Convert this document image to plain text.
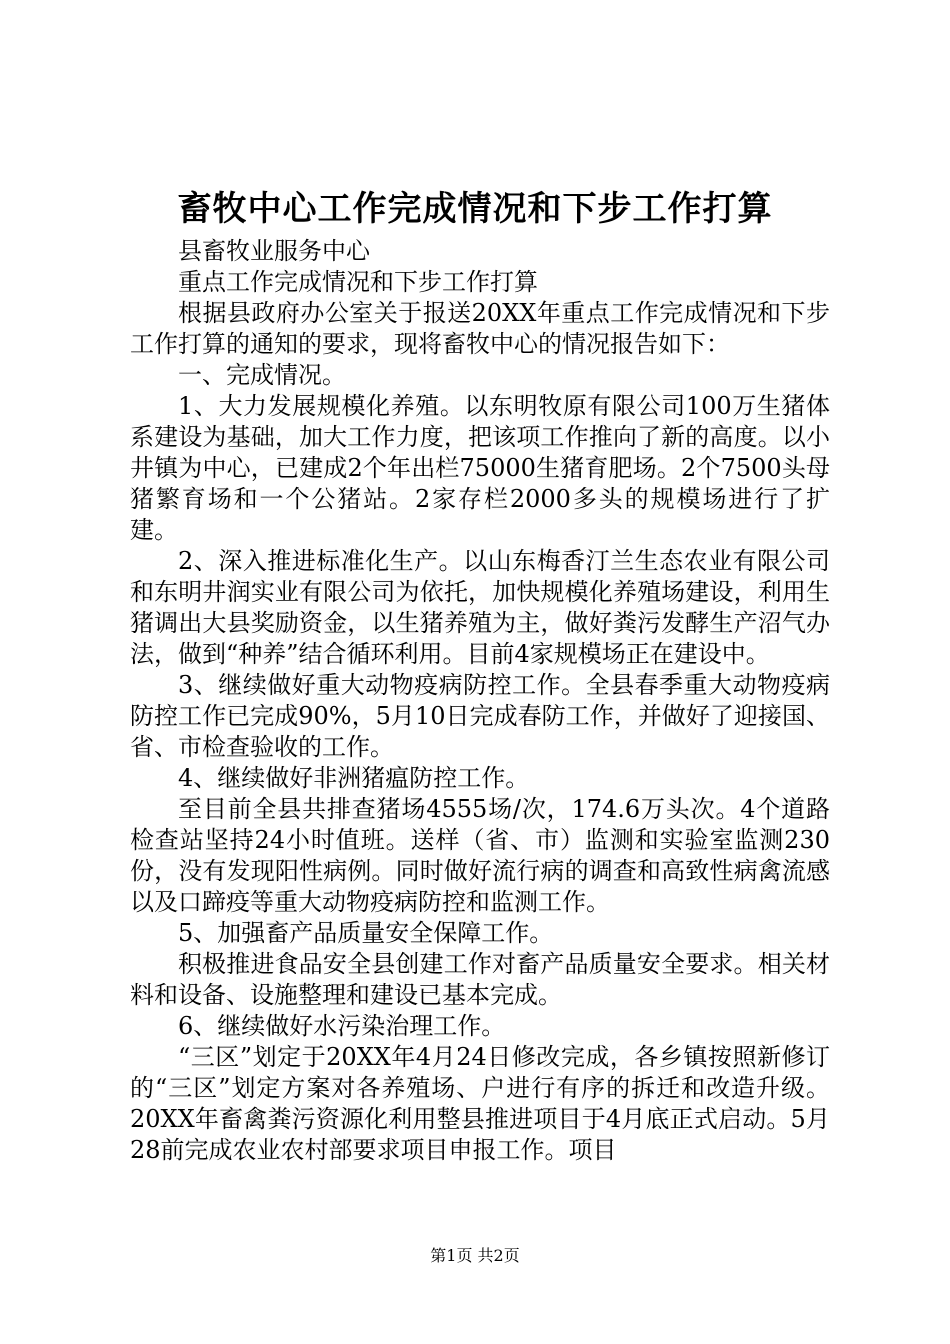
畜牧中心工作完成情况和下步工作打算

县畜牧业服务中心

重点工作完成情况和下步工作打算

根据县政府办公室关于报送20XX年重点工作完成情况和下步工作打算的通知的要求，现将畜牧中心的情况报告如下：

一、完成情况。

1、大力发展规模化养殖。以东明牧原有限公司100万生猪体系建设为基础，加大工作力度，把该项工作推向了新的高度。以小井镇为中心，已建成2个年出栏75000生猪育肥场。2个7500头母猪繁育场和一个公猪站。2家存栏2000多头的规模场进行了扩建。

2、深入推进标准化生产。以山东梅香汀兰生态农业有限公司和东明井润实业有限公司为依托，加快规模化养殖场建设，利用生猪调出大县奖励资金，以生猪养殖为主，做好粪污发酵生产沼气办法，做到“种养”结合循环利用。目前4家规模场正在建设中。

3、继续做好重大动物疫病防控工作。全县春季重大动物疫病防控工作已完成90%，5月10日完成春防工作，并做好了迎接国、省、市检查验收的工作。

4、继续做好非洲猪瘟防控工作。

至目前全县共排查猪场4555场/次，174.6万头次。4个道路检查站坚持24小时值班。送样（省、市）监测和实验室监测230份，没有发现阳性病例。同时做好流行病的调查和高致性病禽流感以及口蹄疫等重大动物疫病防控和监测工作。

5、加强畜产品质量安全保障工作。

积极推进食品安全县创建工作对畜产品质量安全要求。相关材料和设备、设施整理和建设已基本完成。

6、继续做好水污染治理工作。

“三区”划定于20XX年4月24日修改完成，各乡镇按照新修订的“三区”划定方案对各养殖场、户进行有序的拆迁和改造升级。20XX年畜禽粪污资源化利用整县推进项目于4月底正式启动。5月28前完成农业农村部要求项目申报工作。项目

第1页 共2页
